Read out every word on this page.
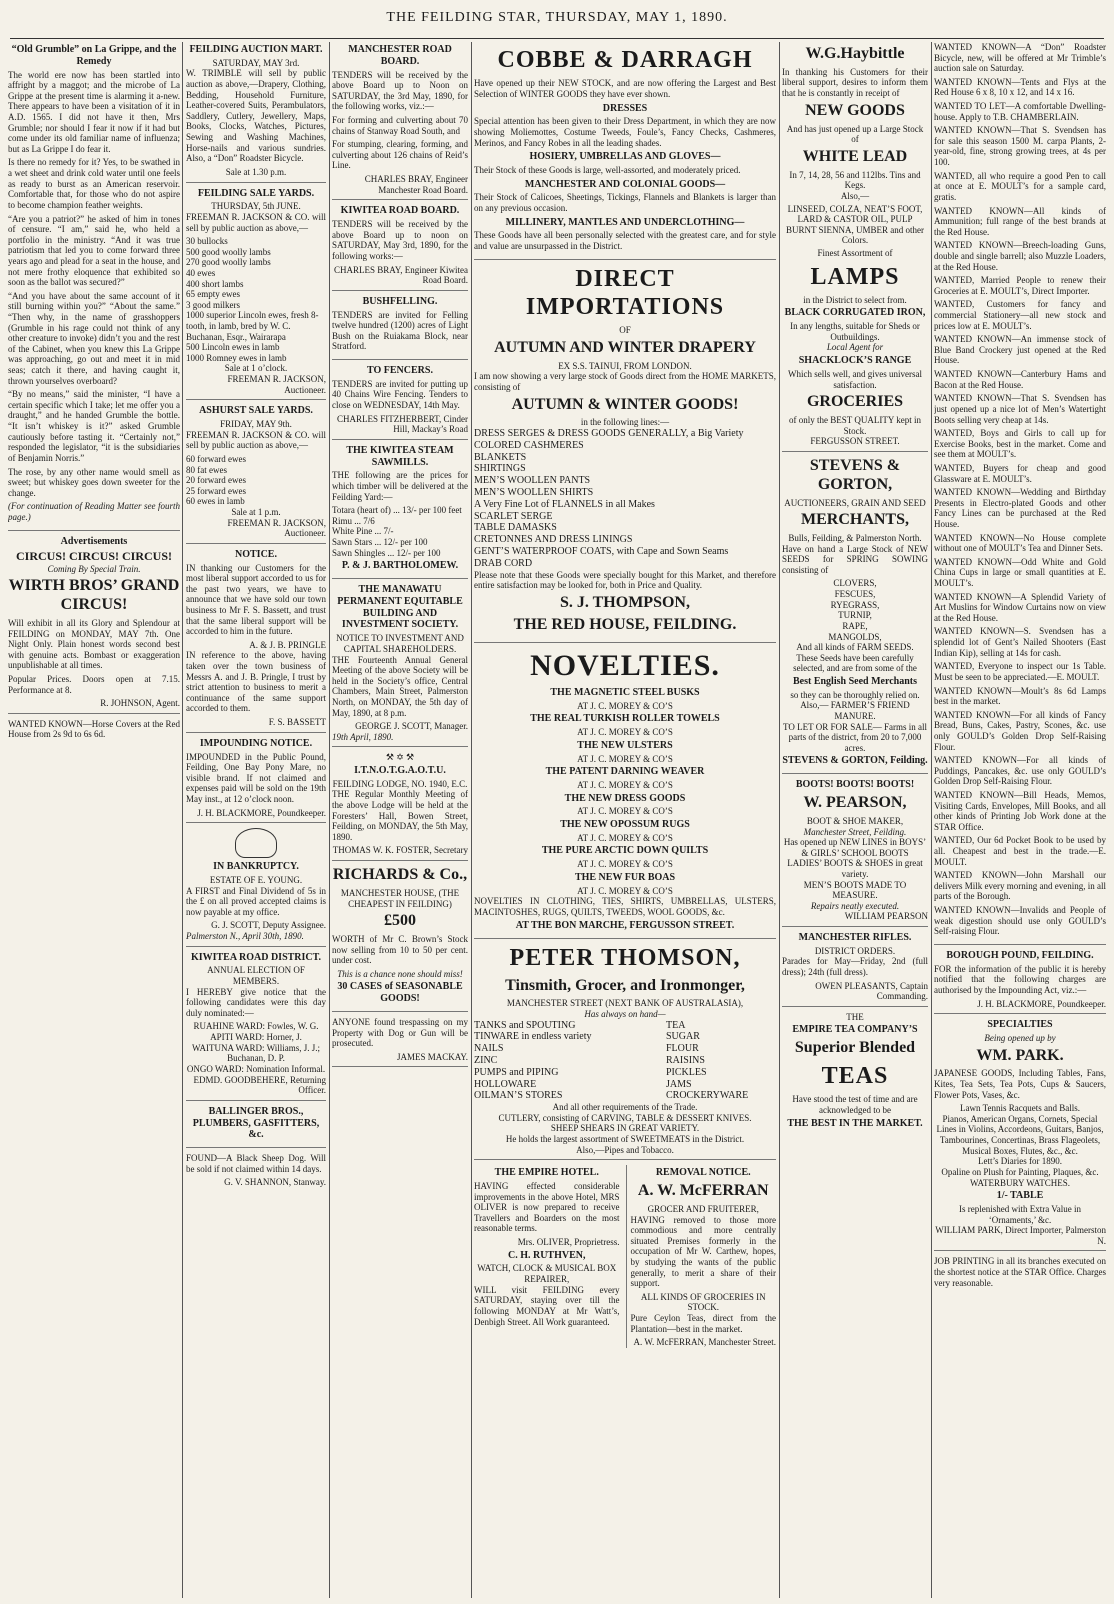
THE FEILDING STAR, THURSDAY, MAY 1, 1890.
“Old Grumble” on La Grippe, and the Remedy

The world ere now has been startled into affright by a maggot; and the microbe of La Grippe at the present time is alarming it a-new. There appears to have been a visitation of it in A.D. 1565. I did not have it then, Mrs Grumble; nor should I fear it now if it had but come under its old familiar name of influenza; but as La Grippe I do fear it.

Is there no remedy for it? Yes, to be swathed in a wet sheet and drink cold water until one feels as ready to burst as an American reservoir. Comfortable that, for those who do not aspire to become champion feather weights.

“Are you a patriot?” he asked of him in tones of censure. “I am,” said he, who held a portfolio in the ministry. “And it was true patriotism that led you to come forward three years ago and plead for a seat in the house, and not mere frothy eloquence that exhibited so soon as the ballot was secured?”

“And you have about the same account of it still burning within you?” “About the same.” “Then why, in the name of grasshoppers (Grumble in his rage could not think of any other creature to invoke) didn’t you and the rest of the Cabinet, when you knew this La Grippe was approaching, go out and meet it in mid seas; catch it there, and having caught it, thrown yourselves overboard?

“By no means,” said the minister, “I have a certain specific which I take; let me offer you a draught,” and he handed Grumble the bottle. “It isn’t whiskey is it?” asked Grumble cautiously before tasting it. “Certainly not,” responded the legislator, “it is the subsidiaries of Benjamin Norris.”

The rose, by any other name would smell as sweet; but whiskey goes down sweeter for the change.

(For continuation of Reading Matter see fourth page.)

Advertisements
CIRCUS! CIRCUS! CIRCUS!
Coming By Special Train.
WIRTH BROS’ GRAND CIRCUS!

Will exhibit in all its Glory and Splendour at FEILDING on MONDAY, MAY 7th. One Night Only. Plain honest words second best with genuine acts. Bombast or exaggeration unpublishable at all times.

Popular Prices. Doors open at 7.15. Performance at 8.

R. JOHNSON, Agent.

WANTED KNOWN—Horse Covers at the Red House from 2s 9d to 6s 6d.

FEILDING AUCTION MART.
SATURDAY, MAY 3rd.

W. TRIMBLE will sell by public auction as above,—Drapery, Clothing, Bedding, Household Furniture, Leather-covered Suits, Perambulators, Saddlery, Cutlery, Jewellery, Maps, Books, Clocks, Watches, Pictures, Sewing and Washing Machines, Horse-nails and various sundries. Also, a “Don” Roadster Bicycle.

Sale at 1.30 p.m.
FEILDING SALE YARDS.
THURSDAY, 5th JUNE.

FREEMAN R. JACKSON & CO. will sell by public auction as above,—

30 bullocks
500 good woolly lambs
270 good woolly lambs
40 ewes
400 short lambs
65 empty ewes
3 good milkers
1000 superior Lincoln ewes, fresh 8-tooth, in lamb, bred by W. C. Buchanan, Esqr., Wairarapa
500 Lincoln ewes in lamb
1000 Romney ewes in lamb
Sale at 1 o’clock.
FREEMAN R. JACKSON, Auctioneer.
ASHURST SALE YARDS.
FRIDAY, MAY 9th.

FREEMAN R. JACKSON & CO. will sell by public auction as above,—

60 forward ewes
80 fat ewes
20 forward ewes
25 forward ewes
60 ewes in lamb
Sale at 1 p.m.
FREEMAN R. JACKSON, Auctioneer.
NOTICE.

IN thanking our Customers for the most liberal support accorded to us for the past two years, we have to announce that we have sold our town business to Mr F. S. Bassett, and trust that the same liberal support will be accorded to him in the future.

A. & J. B. PRINGLE

IN reference to the above, having taken over the town business of Messrs A. and J. B. Pringle, I trust by strict attention to business to merit a continuance of the same support accorded to them.

F. S. BASSETT
IMPOUNDING NOTICE.

IMPOUNDED in the Public Pound, Feilding, One Bay Pony Mare, no visible brand. If not claimed and expenses paid will be sold on the 19th May inst., at 12 o’clock noon.

J. H. BLACKMORE, Poundkeeper.
IN BANKRUPTCY.
ESTATE OF E. YOUNG.

A FIRST and Final Dividend of 5s in the £ on all proved accepted claims is now payable at my office.

G. J. SCOTT, Deputy Assignee.
Palmerston N., April 30th, 1890.
KIWITEA ROAD DISTRICT.
ANNUAL ELECTION OF MEMBERS.

I HEREBY give notice that the following candidates were this day duly nominated:—

RUAHINE WARD: Fowles, W. G.
APITI WARD: Horner, J.
WAITUNA WARD: Williams, J. J.; Buchanan, D. P.
ONGO WARD: Nomination Informal.
EDMD. GOODBEHERE, Returning Officer.
BALLINGER BROS., PLUMBERS, GASFITTERS, &c.

FOUND—A Black Sheep Dog. Will be sold if not claimed within 14 days.

G. V. SHANNON, Stanway.
MANCHESTER ROAD BOARD.

TENDERS will be received by the above Board up to Noon on SATURDAY, the 3rd May, 1890, for the following works, viz.:—

For forming and culverting about 70 chains of Stanway Road South, and

For stumping, clearing, forming, and culverting about 126 chains of Reid’s Line.

CHARLES BRAY, Engineer Manchester Road Board.
KIWITEA ROAD BOARD.

TENDERS will be received by the above Board up to noon on SATURDAY, May 3rd, 1890, for the following works:—

CHARLES BRAY, Engineer Kiwitea Road Board.
BUSHFELLING.

TENDERS are invited for Felling twelve hundred (1200) acres of Light Bush on the Ruiakama Block, near Stratford.

TO FENCERS.

TENDERS are invited for putting up 40 Chains Wire Fencing. Tenders to close on WEDNESDAY, 14th May.

CHARLES FITZHERBERT, Cinder Hill, Mackay’s Road
THE KIWITEA STEAM SAWMILLS.

THE following are the prices for which timber will be delivered at the Feilding Yard:—

Totara (heart of) ... 13/- per 100 feet
Rimu ... 7/6
White Pine ... 7/-
Sawn Stars ... 12/- per 100
Sawn Shingles ... 12/- per 100
P. & J. BARTHOLOMEW.
THE MANAWATU PERMANENT EQUITABLE BUILDING AND INVESTMENT SOCIETY.
NOTICE TO INVESTMENT AND CAPITAL SHAREHOLDERS.

THE Fourteenth Annual General Meeting of the above Society will be held in the Society’s office, Central Chambers, Main Street, Palmerston North, on MONDAY, the 5th day of May, 1890, at 8 p.m.

GEORGE J. SCOTT, Manager.
19th April, 1890.
⚒ ✡ ⚒
I.T.N.O.T.G.A.O.T.U.
FEILDING LODGE, NO. 1940, E.C.

THE Regular Monthly Meeting of the above Lodge will be held at the Foresters’ Hall, Bowen Street, Feilding, on MONDAY, the 5th May, 1890.

THOMAS W. K. FOSTER, Secretary
RICHARDS & Co.,
MANCHESTER HOUSE, (THE CHEAPEST IN FEILDING)
£500

WORTH of Mr C. Brown’s Stock now selling from 10 to 50 per cent. under cost.

This is a chance none should miss!
30 CASES of SEASONABLE GOODS!

ANYONE found trespassing on my Property with Dog or Gun will be prosecuted.

JAMES MACKAY.
COBBE & DARRAGH

Have opened up their NEW STOCK, and are now offering the Largest and Best Selection of WINTER GOODS they have ever shown.

DRESSES

Special attention has been given to their Dress Department, in which they are now showing Moliemottes, Costume Tweeds, Foule’s, Fancy Checks, Cashmeres, Merinos, and Fancy Robes in all the leading shades.

HOSIERY, UMBRELLAS AND GLOVES—

Their Stock of these Goods is large, well-assorted, and moderately priced.

MANCHESTER AND COLONIAL GOODS—

Their Stock of Calicoes, Sheetings, Tickings, Flannels and Blankets is larger than on any previous occasion.

MILLINERY, MANTLES AND UNDERCLOTHING—

These Goods have all been personally selected with the greatest care, and for style and value are unsurpassed in the District.

DIRECT IMPORTATIONS
OF
AUTUMN AND WINTER DRAPERY
EX S.S. TAINUI, FROM LONDON.

I am now showing a very large stock of Goods direct from the HOME MARKETS, consisting of

AUTUMN & WINTER GOODS!
in the following lines:—
DRESS SERGES & DRESS GOODS GENERALLY, a Big Variety
COLORED CASHMERES
BLANKETS
SHIRTINGS
MEN’S WOOLLEN PANTS
MEN’S WOOLLEN SHIRTS
A Very Fine Lot of FLANNELS in all Makes
SCARLET SERGE
TABLE DAMASKS
CRETONNES AND DRESS LININGS
GENT’S WATERPROOF COATS, with Cape and Sown Seams
DRAB CORD

Please note that these Goods were specially bought for this Market, and therefore entire satisfaction may be looked for, both in Price and Quality.

S. J. THOMPSON,
THE RED HOUSE, FEILDING.
NOVELTIES.
THE MAGNETIC STEEL BUSKS
AT J. C. MOREY & CO’S
THE REAL TURKISH ROLLER TOWELS
AT J. C. MOREY & CO’S
THE NEW ULSTERS
AT J. C. MOREY & CO’S
THE PATENT DARNING WEAVER
AT J. C. MOREY & CO’S
THE NEW DRESS GOODS
AT J. C. MOREY & CO’S
THE NEW OPOSSUM RUGS
AT J. C. MOREY & CO’S
THE PURE ARCTIC DOWN QUILTS
AT J. C. MOREY & CO’S
THE NEW FUR BOAS
AT J. C. MOREY & CO’S

NOVELTIES IN CLOTHING, TIES, SHIRTS, UMBRELLAS, ULSTERS, MACINTOSHES, RUGS, QUILTS, TWEEDS, WOOL GOODS, &c.

AT THE BON MARCHE, FERGUSSON STREET.
PETER THOMSON,
Tinsmith, Grocer, and Ironmonger,
MANCHESTER STREET (NEXT BANK OF AUSTRALASIA),
Has always on hand—
TANKS and SPOUTING
TINWARE in endless variety
NAILS
ZINC
PUMPS and PIPING
HOLLOWARE
OILMAN’S STORES
TEA
SUGAR
FLOUR
RAISINS
PICKLES
JAMS
CROCKERYWARE
And all other requirements of the Trade.
CUTLERY, consisting of CARVING, TABLE & DESSERT KNIVES.
SHEEP SHEARS IN GREAT VARIETY.
He holds the largest assortment of SWEETMEATS in the District.
Also,—Pipes and Tobacco.
THE EMPIRE HOTEL.

HAVING effected considerable improvements in the above Hotel, MRS OLIVER is now prepared to receive Travellers and Boarders on the most reasonable terms.

Mrs. OLIVER, Proprietress.
C. H. RUTHVEN,
WATCH, CLOCK & MUSICAL BOX REPAIRER,

WILL visit FEILDING every SATURDAY, staying over till the following MONDAY at Mr Watt’s, Denbigh Street. All Work guaranteed.

REMOVAL NOTICE.
A. W. McFERRAN
GROCER AND FRUITERER,

HAVING removed to those more commodious and more centrally situated Premises formerly in the occupation of Mr W. Carthew, hopes, by studying the wants of the public generally, to merit a share of their support.

ALL KINDS OF GROCERIES IN STOCK.

Pure Ceylon Teas, direct from the Plantation—best in the market.

A. W. McFERRAN, Manchester Street.
W.G.Haybittle

In thanking his Customers for their liberal support, desires to inform them that he is constantly in receipt of

NEW GOODS
And has just opened up a Large Stock of
WHITE LEAD
In 7, 14, 28, 56 and 112lbs. Tins and Kegs.
Also,—
LINSEED, COLZA, NEAT’S FOOT, LARD & CASTOR OIL, PULP BURNT SIENNA, UMBER and other Colors.
Finest Assortment of
LAMPS
in the District to select from.
BLACK CORRUGATED IRON,
In any lengths, suitable for Sheds or Outbuildings.
Local Agent for
SHACKLOCK’S RANGE
Which sells well, and gives universal satisfaction.
GROCERIES
of only the BEST QUALITY kept in Stock.
FERGUSSON STREET.
STEVENS & GORTON,
AUCTIONEERS, GRAIN AND SEED
MERCHANTS,
Bulls, Feilding, & Palmerston North.

Have on hand a Large Stock of NEW SEEDS for SPRING SOWING consisting of

CLOVERS,
FESCUES,
RYEGRASS,
TURNIP,
RAPE,
MANGOLDS,
And all kinds of FARM SEEDS.
These Seeds have been carefully selected, and are from some of the
Best English Seed Merchants
so they can be thoroughly relied on.
Also,— FARMER’S FRIEND MANURE.
TO LET OR FOR SALE— Farms in all parts of the district, from 20 to 7,000 acres.
STEVENS & GORTON, Feilding.
BOOTS! BOOTS! BOOTS!
W. PEARSON,
BOOT & SHOE MAKER,
Manchester Street, Feilding.
Has opened up NEW LINES in BOYS’ & GIRLS’ SCHOOL BOOTS
LADIES’ BOOTS & SHOES in great variety.
MEN’S BOOTS MADE TO MEASURE.
Repairs neatly executed.
WILLIAM PEARSON
MANCHESTER RIFLES.
DISTRICT ORDERS.

Parades for May—Friday, 2nd (full dress); 24th (full dress).

OWEN PLEASANTS, Captain Commanding.
THE
EMPIRE TEA COMPANY’S
Superior Blended
TEAS
Have stood the test of time and are acknowledged to be
THE BEST IN THE MARKET.

WANTED KNOWN—A “Don” Roadster Bicycle, new, will be offered at Mr Trimble’s auction sale on Saturday.

WANTED KNOWN—Tents and Flys at the Red House 6 x 8, 10 x 12, and 14 x 16.

WANTED TO LET—A comfortable Dwelling-house. Apply to T.B. CHAMBERLAIN.

WANTED KNOWN—That S. Svendsen has for sale this season 1500 M. carpa Plants, 2-year-old, fine, strong growing trees, at 4s per 100.

WANTED, all who require a good Pen to call at once at E. MOULT’s for a sample card, gratis.

WANTED KNOWN—All kinds of Ammunition; full range of the best brands at the Red House.

WANTED KNOWN—Breech-loading Guns, double and single barrell; also Muzzle Loaders, at the Red House.

WANTED, Married People to renew their Groceries at E. MOULT’s, Direct Importer.

WANTED, Customers for fancy and commercial Stationery—all new stock and prices low at E. MOULT’s.

WANTED KNOWN—An immense stock of Blue Band Crockery just opened at the Red House.

WANTED KNOWN—Canterbury Hams and Bacon at the Red House.

WANTED KNOWN—That S. Svendsen has just opened up a nice lot of Men’s Watertight Boots selling very cheap at 14s.

WANTED, Boys and Girls to call up for Exercise Books, best in the market. Come and see them at MOULT’s.

WANTED, Buyers for cheap and good Glassware at E. MOULT’s.

WANTED KNOWN—Wedding and Birthday Presents in Electro-plated Goods and other Fancy Lines can be purchased at the Red House.

WANTED KNOWN—No House complete without one of MOULT’s Tea and Dinner Sets.

WANTED KNOWN—Odd White and Gold China Cups in large or small quantities at E. MOULT’s.

WANTED KNOWN—A Splendid Variety of Art Muslins for Window Curtains now on view at the Red House.

WANTED KNOWN—S. Svendsen has a splendid lot of Gent’s Nailed Shooters (East Indian Kip), selling at 14s for cash.

WANTED, Everyone to inspect our 1s Table. Must be seen to be appreciated.—E. MOULT.

WANTED KNOWN—Moult’s 8s 6d Lamps best in the market.

WANTED KNOWN—For all kinds of Fancy Bread, Buns, Cakes, Pastry, Scones, &c. use only GOULD’s Golden Drop Self-Raising Flour.

WANTED KNOWN—For all kinds of Puddings, Pancakes, &c. use only GOULD’s Golden Drop Self-Raising Flour.

WANTED KNOWN—Bill Heads, Memos, Visiting Cards, Envelopes, Mill Books, and all other kinds of Printing Job Work done at the STAR Office.

WANTED, Our 6d Pocket Book to be used by all. Cheapest and best in the trade.—E. MOULT.

WANTED KNOWN—John Marshall our delivers Milk every morning and evening, in all parts of the Borough.

WANTED KNOWN—Invalids and People of weak digestion should use only GOULD’s Self-raising Flour.

BOROUGH POUND, FEILDING.

FOR the information of the public it is hereby notified that the following charges are authorised by the Impounding Act, viz.:—

J. H. BLACKMORE, Poundkeeper.
SPECIALTIES
Being opened up by
WM. PARK.

JAPANESE GOODS, Including Tables, Fans, Kites, Tea Sets, Tea Pots, Cups & Saucers, Flower Pots, Vases, &c.

Lawn Tennis Racquets and Balls.
Pianos, American Organs, Cornets, Special Lines in Violins, Accordeons, Guitars, Banjos, Tambourines, Concertinas, Brass Flageolets, Musical Boxes, Flutes, &c., &c.
Lett’s Diaries for 1890.
Opaline on Plush for Painting, Plaques, &c.
WATERBURY WATCHES.
1/- TABLE
Is replenished with Extra Value in ‘Ornaments,’ &c.
WILLIAM PARK, Direct Importer, Palmerston N.

JOB PRINTING in all its branches executed on the shortest notice at the STAR Office. Charges very reasonable.
